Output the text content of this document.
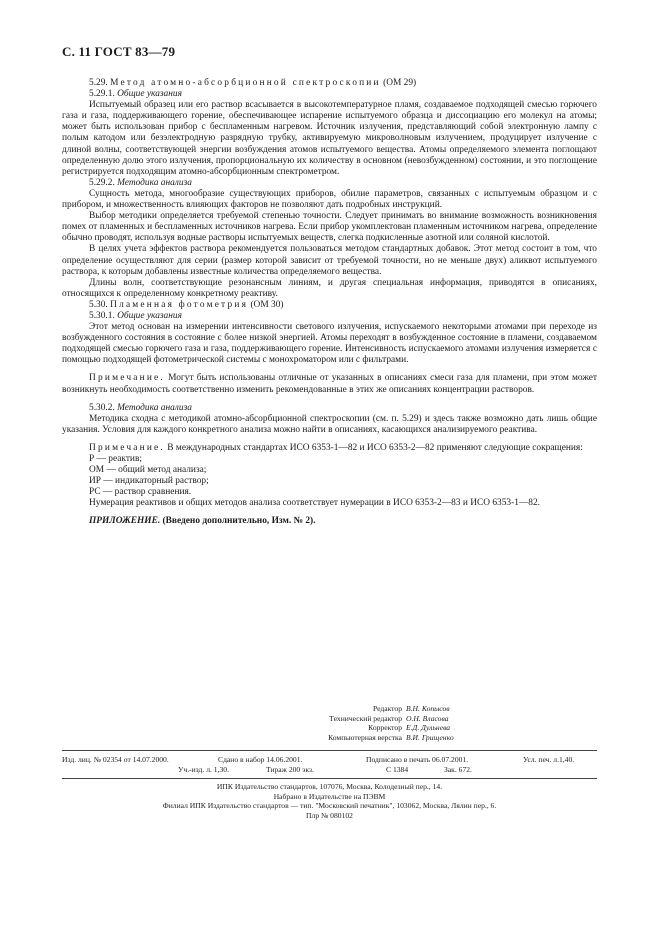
С. 11 ГОСТ 83—79

5.29. Метод атомно-абсорбционной спектроскопии (ОМ 29)

5.29.1. Общие указания

Испытуемый образец или его раствор всасывается в высокотемпературное пламя, создаваемое подходящей смесью горючего газа и газа, поддерживающего горение, обеспечивающее испарение испытуемого образца и диссоциацию его молекул на атомы; может быть использован прибор с беспламенным нагревом. Источник излучения, представляющий собой электронную лампу с полым катодом или безэлектродную разрядную трубку, активируемую микроволновым излучением, продуцирует излучение с длиной волны, соответствующей энергии возбуждения атомов испытуемого вещества. Атомы определяемого элемента поглощают определенную долю этого излучения, пропорциональную их количеству в основном (невозбужденном) состоянии, и это поглощение регистрируется подходящим атомно-абсорбционным спектрометром.

5.29.2. Методика анализа

Сущность метода, многообразие существующих приборов, обилие параметров, связанных с испытуемым образцом и с прибором, и множественность влияющих факторов не позволяют дать подробных инструкций.

Выбор методики определяется требуемой степенью точности. Следует принимать во внимание возможность возникновения помех от пламенных и беспламенных источников нагрева. Если прибор укомплектован пламенным источником нагрева, определение обычно проводят, используя водные растворы испытуемых веществ, слегка подкисленные азотной или соляной кислотой.

В целях учета эффектов раствора рекомендуется пользоваться методом стандартных добавок. Этот метод состоит в том, что определение осуществляют для серии (размер которой зависит от требуемой точности, но не меньше двух) аликвот испытуемого раствора, к которым добавлены известные количества определяемого вещества.

Длины волн, соответствующие резонансным линиям, и другая специальная информация, приводятся в описаниях, относящихся к определенному конкретному реактиву.

5.30. Пламенная фотометрия (ОМ 30)

5.30.1. Общие указания

Этот метод основан на измерении интенсивности светового излучения, испускаемого некоторыми атомами при переходе из возбужденного состояния в состояние с более низкой энергией. Атомы переходят в возбужденное состояние в пламени, создаваемом подходящей смесью горючего газа и газа, поддерживающего горение. Интенсивность испускаемого атомами излучения измеряется с помощью подходящей фотометрической системы с монохроматором или с фильтрами.

Примечание. Могут быть использованы отличные от указанных в описаниях смеси газа для пламени, при этом может возникнуть необходимость соответственно изменить рекомендованные в этих же описаниях концентрации растворов.

5.30.2. Методика анализа

Методика сходна с методикой атомно-абсорбционной спектроскопии (см. п. 5.29) и здесь также возможно дать лишь общие указания. Условия для каждого конкретного анализа можно найти в описаниях, касающихся анализируемого реактива.

Примечание. В международных стандартах ИСО 6353-1—82 и ИСО 6353-2—82 применяют следующие сокращения:

Р — реактив;

ОМ — общий метод анализа;

ИР — индикаторный раствор;

РС — раствор сравнения.

Нумерация реактивов и общих методов анализа соответствует нумерации в ИСО 6353-2—83 и ИСО 6353-1—82.

ПРИЛОЖЕНИЕ. (Введено дополнительно, Изм. № 2).

Редактор В.Н. Копысов
Технический редактор О.Н. Власова
Корректор Е.Д. Дульнева
Компьютерная верстка В.И. Грищенко
Изд. лиц. № 02354 от 14.07.2000.	Сдано в набор 14.06.2001.
Уч.-изд. л. 1,30.	Тираж 200 экз.
Подписано в печать 06.07.2001.
С 1384	Зак. 672.
Усл. печ. л.1,40.
ИПК Издательство стандартов, 107076, Москва, Колодезный пер., 14.
Набрано в Издательстве на ПЭВМ
Филиал ИПК Издательство стандартов — тип. "Московский печатник", 103062, Москва, Лялин пер., 6.
Плр № 080102
